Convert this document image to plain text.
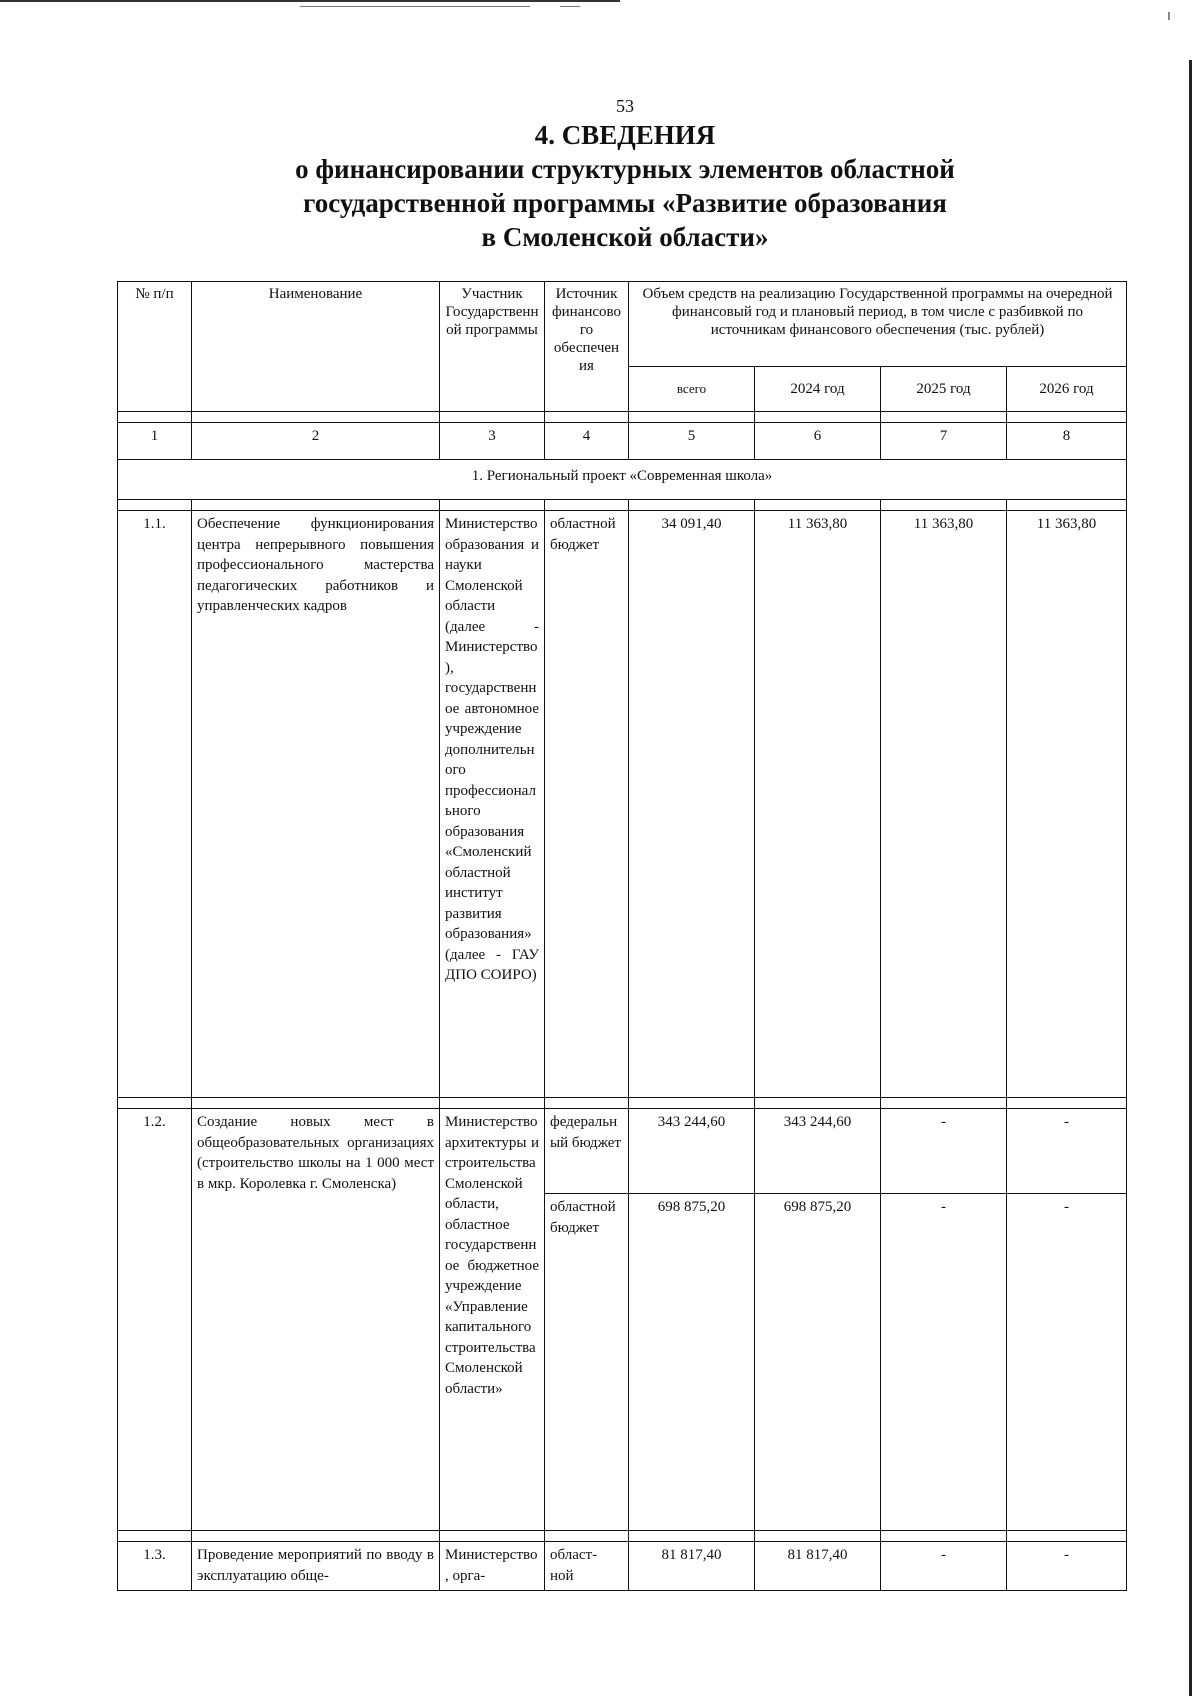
53
4. СВЕДЕНИЯ
о финансировании структурных элементов областной
государственной программы «Развитие образования
в Смоленской области»
№ п/п	Наименование	Участник Государственной программы	Источник финансового обеспечения	Объем средств на реализацию Государственной программы на очередной финансовый год и плановый период, в том числе с разбивкой по источникам финансового обеспечения (тыс. рублей)			
				всего	2024 год	2025 год	2026 год

1	2	3	4	5	6	7	8
1. Региональный проект «Современная школа»							

1.1.	Обеспечение функционирования центра непрерывного повышения профессионального мастерства педагогических работников и управленческих кадров	Министерство образования и науки Смоленской области (далее - Министерство), государственное автономное учреждение дополнительного профессионального образования «Смоленский областной институт развития образования» (далее - ГАУ ДПО СОИРО)	областной бюджет	34 091,40	11 363,80	11 363,80	11 363,80

1.2.	Создание новых мест в общеобразовательных организациях (строительство школы на 1 000 мест в мкр. Королевка г. Смоленска)	Министерство архитектуры и строительства Смоленской области, областное государственное бюджетное учреждение «Управление капитального строительства Смоленской области»	федеральный бюджет	343 244,60	343 244,60	-	-
			областной бюджет	698 875,20	698 875,20	-	-

1.3.	Проведение мероприятий по вводу в эксплуатацию обще-	Министерство, орга-	област- ной	81 817,40	81 817,40	-	-
